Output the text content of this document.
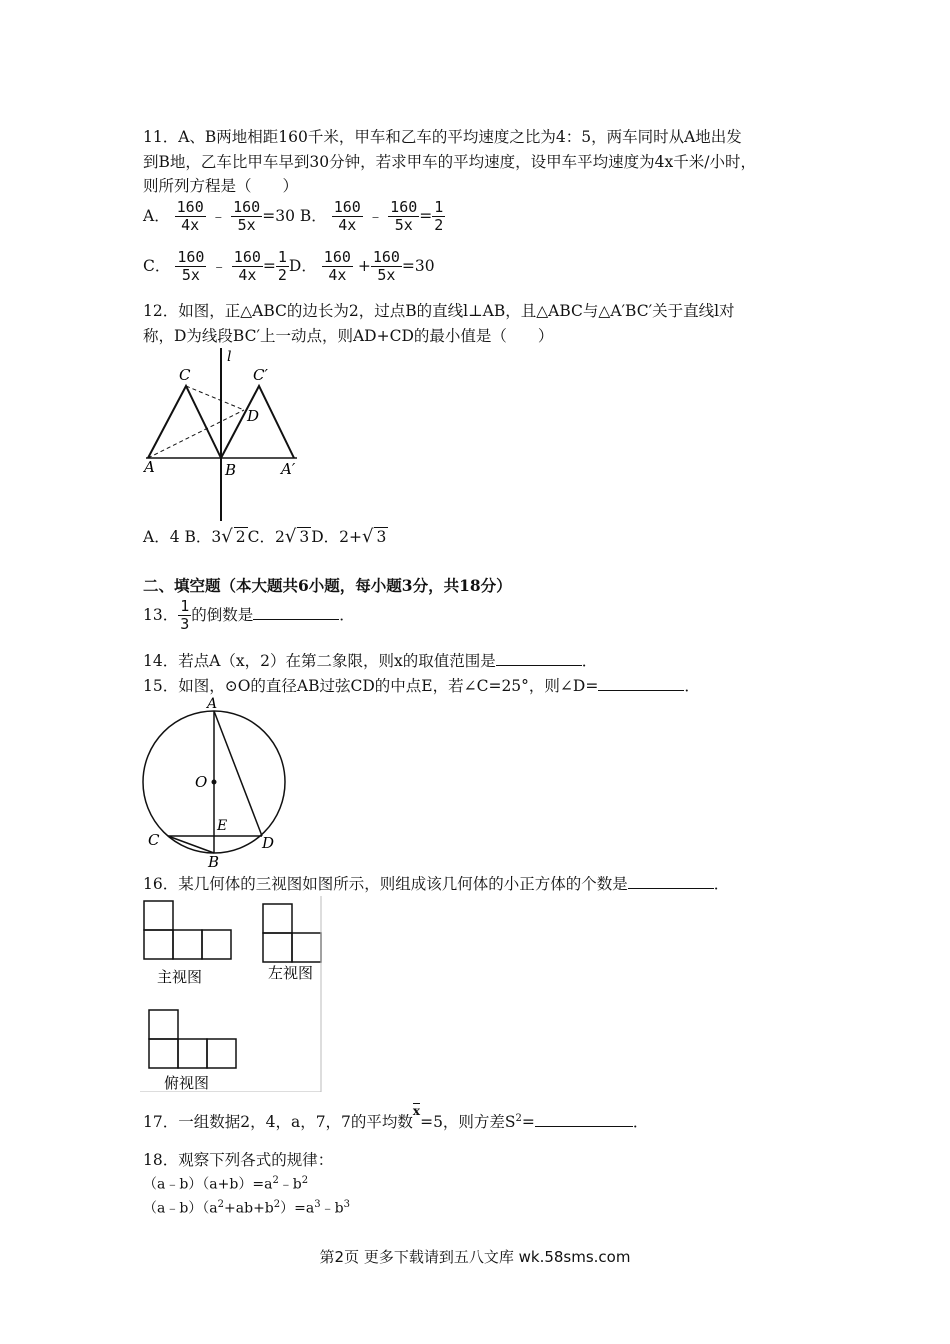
11．A、B两地相距160千米，甲车和乙车的平均速度之比为4：5，两车同时从A地出发
到B地，乙车比甲车早到30分钟，若求甲车的平均速度，设甲车平均速度为4x千米/小时，
则所列方程是（　　）
A． $\frac{160}{4x}$ ﹣ $\frac{160}{5x} =30$ B． $\frac{160}{4x}$ ﹣ $\frac{160}{5x} = \frac{1}{2}$
C． $\frac{160}{5x}$ ﹣ $\frac{160}{4x} = \frac{1}{2}$ D． $\frac{160}{4x} + \frac{160}{5x} =30$
12．如图，正△ABC的边长为2，过点B的直线l⊥AB，且△ABC与△A′BC′关于直线l对
称，D为线段BC′上一动点，则AD+CD的最小值是（　　）
l
C	C′
D
A	B	A′
A．4 B．3√ 2 C．2√ 3 D．2+√ 3
二、填空题（本大题共6小题，每小题3分，共18分）
13． $\frac{1}{3}$ 的倒数是	．
14．若点A（x，2）在第二象限，则x的取值范围是	．
15．如图，⊙O的直径AB过弦CD的中点E，若∠C=25°，则∠D=	．
A
O
E
C
B
D
16．某几何体的三视图如图所示，则组成该几何体的小正方体的个数是	．
主视图	左视图
俯视图
17．一组数据2，4，a，7，7的平均数x=5，则方差$S^2=$	．
18．观察下列各式的规律：
$(a﹣b)(a+b)=a^2﹣b^2$
$(a﹣b)(a^2+ab+b^2)=a^3﹣b^3$
第2页 更多下载请到五八文库 wk.58sms.com
